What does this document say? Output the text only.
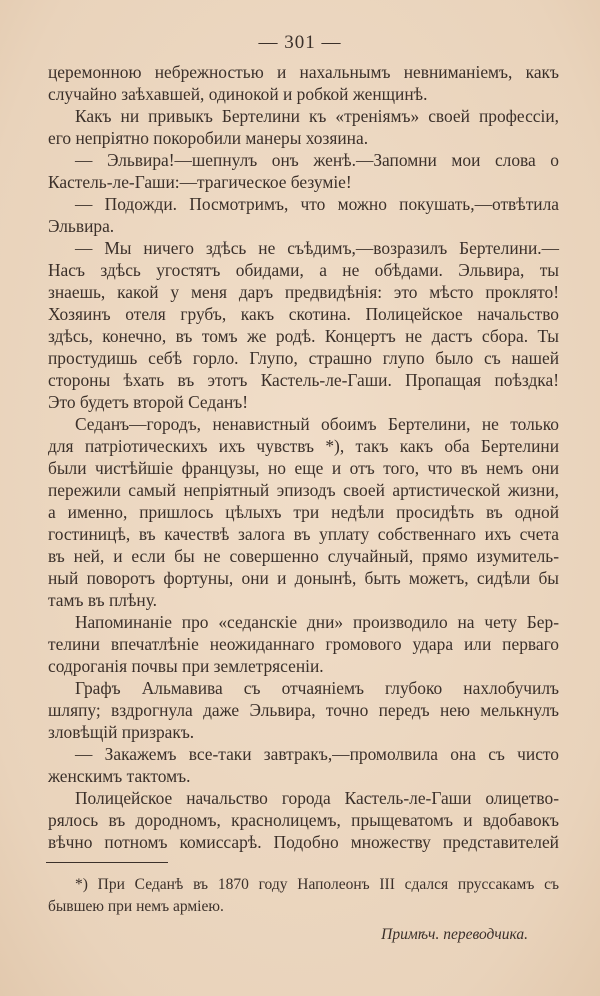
— 301 —
церемонною небрежностью и нахальнымъ невниманіемъ, какъ
случайно заѣхавшей, одинокой и робкой женщинѣ.
Какъ ни привыкъ Бертелини къ «треніямъ» своей профессіи,
его непріятно покоробили манеры хозяина.
— Эльвира!—шепнулъ онъ женѣ.—Запомни мои слова о
Кастель-ле-Гаши:—трагическое безуміе!
— Подожди. Посмотримъ, что можно покушать,—отвѣтила
Эльвира.
— Мы ничего здѣсь не съѣдимъ,—возразилъ Бертелини.—
Насъ здѣсь угостятъ обидами, а не обѣдами. Эльвира, ты
знаешь, какой у меня даръ предвидѣнія: это мѣсто проклято!
Хозяинъ отеля грубъ, какъ скотина. Полицейское начальство
здѣсь, конечно, въ томъ же родѣ. Концертъ не дастъ сбора. Ты
простудишь себѣ горло. Глупо, страшно глупо было съ нашей
стороны ѣхать въ этотъ Кастель-ле-Гаши. Пропащая поѣздка!
Это будетъ второй Седанъ!
Седанъ—городъ, ненавистный обоимъ Бертелини, не только
для патріотическихъ ихъ чувствъ *), такъ какъ оба Бертелини
были чистѣйшіе французы, но еще и отъ того, что въ немъ они
пережили самый непріятный эпизодъ своей артистической жизни,
а именно, пришлось цѣлыхъ три недѣли просидѣть въ одной
гостиницѣ, въ качествѣ залога въ уплату собственнаго ихъ счета
въ ней, и если бы не совершенно случайный, прямо изумитель-
ный поворотъ фортуны, они и донынѣ, быть можетъ, сидѣли бы
тамъ въ плѣну.
Напоминаніе про «седанскіе дни» производило на чету Бер-
телини впечатлѣніе неожиданнаго громового удара или перваго
содроганія почвы при землетрясеніи.
Графъ Альмавива съ отчаяніемъ глубоко нахлобучилъ
шляпу; вздрогнула даже Эльвира, точно передъ нею мелькнулъ
зловѣщій призракъ.
— Закажемъ все-таки завтракъ,—промолвила она съ чисто
женскимъ тактомъ.
Полицейское начальство города Кастель-ле-Гаши олицетво-
рялось въ дородномъ, краснолицемъ, прыщеватомъ и вдобавокъ
вѣчно потномъ комиссарѣ. Подобно множеству представителей
*) При Седанѣ въ 1870 году Наполеонъ III сдался пруссакамъ съ
бывшею при немъ арміею.
Примѣч. переводчика.
